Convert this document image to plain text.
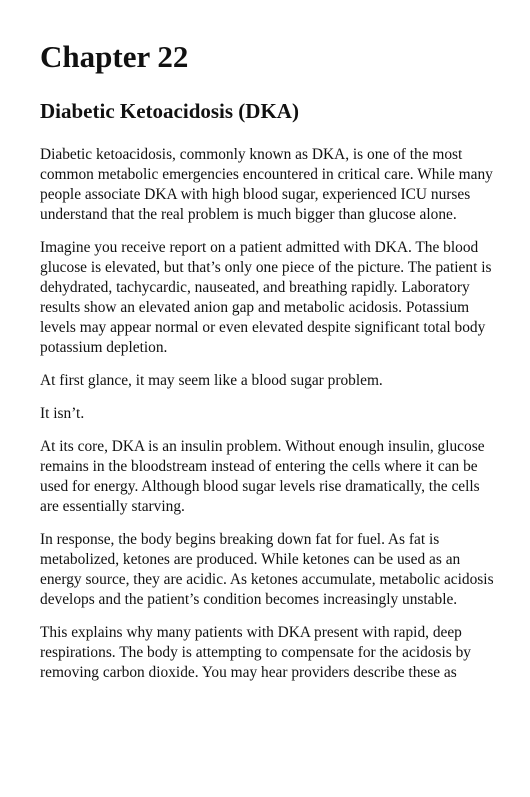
Chapter 22
Diabetic Ketoacidosis (DKA)

Diabetic ketoacidosis, commonly known as DKA, is one of the most common metabolic emergencies encountered in critical care. While many people associate DKA with high blood sugar, experienced ICU nurses understand that the real problem is much bigger than glucose alone.

Imagine you receive report on a patient admitted with DKA. The blood glucose is elevated, but that’s only one piece of the picture. The patient is dehydrated, tachycardic, nauseated, and breathing rapidly. Laboratory results show an elevated anion gap and metabolic acidosis. Potassium levels may appear normal or even elevated despite significant total body potassium depletion.

At first glance, it may seem like a blood sugar problem.

It isn’t.

At its core, DKA is an insulin problem. Without enough insulin, glucose remains in the bloodstream instead of entering the cells where it can be used for energy. Although blood sugar levels rise dramatically, the cells are essentially starving.

In response, the body begins breaking down fat for fuel. As fat is metabolized, ketones are produced. While ketones can be used as an energy source, they are acidic. As ketones accumulate, metabolic acidosis develops and the patient’s condition becomes increasingly unstable.

This explains why many patients with DKA present with rapid, deep respirations. The body is attempting to compensate for the acidosis by removing carbon dioxide. You may hear providers describe these as
